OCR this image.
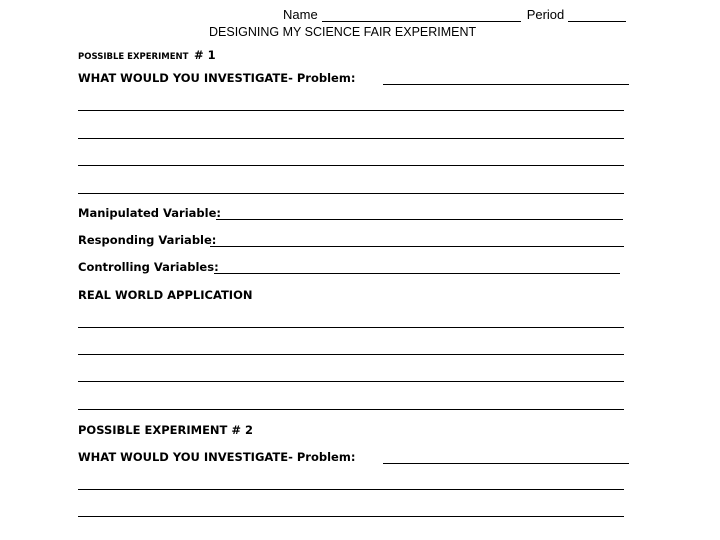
Name	Period
DESIGNING MY SCIENCE FAIR EXPERIMENT
POSSIBLE EXPERIMENT # 1
WHAT WOULD YOU INVESTIGATE- Problem:
Manipulated Variable:
Responding Variable:
Controlling Variables:
REAL WORLD APPLICATION
POSSIBLE EXPERIMENT # 2
WHAT WOULD YOU INVESTIGATE- Problem:
